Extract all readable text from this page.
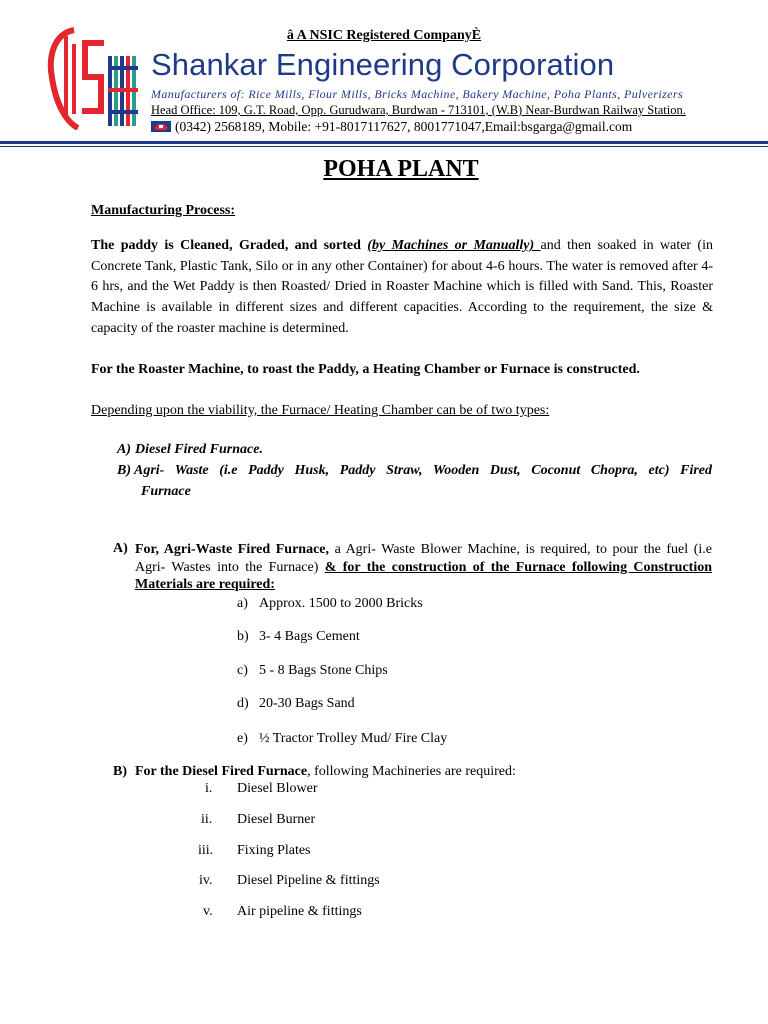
â A NSIC Registered CompanyÈ
Shankar Engineering Corporation
Manufacturers of: Rice Mills, Flour Mills, Bricks Machine, Bakery Machine, Poha Plants, Pulverizers
Head Office: 109, G.T. Road, Opp. Gurudwara, Burdwan - 713101, (W.B) Near-Burdwan Railway Station.
(0342) 2568189, Mobile: +91-8017117627, 8001771047,Email:bsgarga@gmail.com
POHA PLANT
Manufacturing Process:
The paddy is Cleaned, Graded, and sorted (by Machines or Manually) and then soaked in water (in Concrete Tank, Plastic Tank, Silo or in any other Container) for about 4-6 hours. The water is removed after 4-6 hrs, and the Wet Paddy is then Roasted/ Dried in Roaster Machine which is filled with Sand. This, Roaster Machine is available in different sizes and different capacities. According to the requirement, the size & capacity of the roaster machine is determined.
For the Roaster Machine, to roast the Paddy, a Heating Chamber or Furnace is constructed.
Depending upon the viability, the Furnace/ Heating Chamber can be of two types:
A) Diesel Fired Furnace.
B) Agri- Waste (i.e Paddy Husk, Paddy Straw, Wooden Dust, Coconut Chopra, etc) Fired
Furnace
A) For, Agri-Waste Fired Furnace, a Agri- Waste Blower Machine, is required, to pour the fuel (i.e Agri- Wastes into the Furnace) & for the construction of the Furnace following Construction Materials are required:
a) Approx. 1500 to 2000 Bricks
b) 3- 4 Bags Cement
c) 5 - 8 Bags Stone Chips
d) 20-30 Bags Sand
e) ½ Tractor Trolley Mud/ Fire Clay
B) For the Diesel Fired Furnace, following Machineries are required:
i. Diesel Blower
ii. Diesel Burner
iii. Fixing Plates
iv. Diesel Pipeline & fittings
v. Air pipeline & fittings
